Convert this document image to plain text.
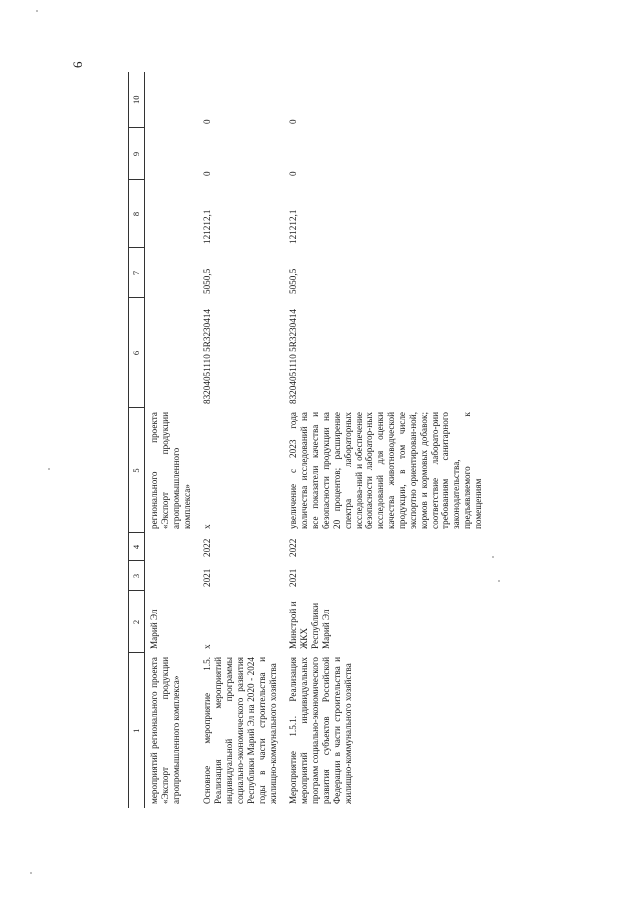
6
1	2	3	4	5	6	7	8	9	10
мероприятий регионального проекта «Экспорт продукции агропромышленного комплекса»	Марий Эл			регионального проекта «Экспорт продукции агропромышленного комплекса»					
Основное мероприятие 1.5. Реализация мероприятий индивидуальной программы социально-экономического развития Республики Марий Эл на 2020 - 2024 годы в части строительства и жилищно-коммунального хозяйства	x	2021	2022	x	83204051110 5R3230414	5050,5	121212,1	0	0
Мероприятие 1.5.1. Реализация мероприятий индивидуальных программ социально-экономического развития субъектов Российской Федерации в части строительства и жилищно-коммунального хозяйства	Минстрой и ЖКХ Республики Марий Эл	2021	2022	увеличение с 2023 года количества исследований на все показатели качества и безопасности продукции на 20 процентов; расширение спектра лабораторных исследова-ний и обеспечение безопасности лаборатор-ных исследований для оценки качества животноводческой продукции, в том числе экспортно ориентирован-ной, кормов и кормовых добавок; соответствие лаборато-рии требованиям санитарного законодательства, предъявляемого к помещениям	83204051110 5R3230414	5050,5	121212,1	0	0
